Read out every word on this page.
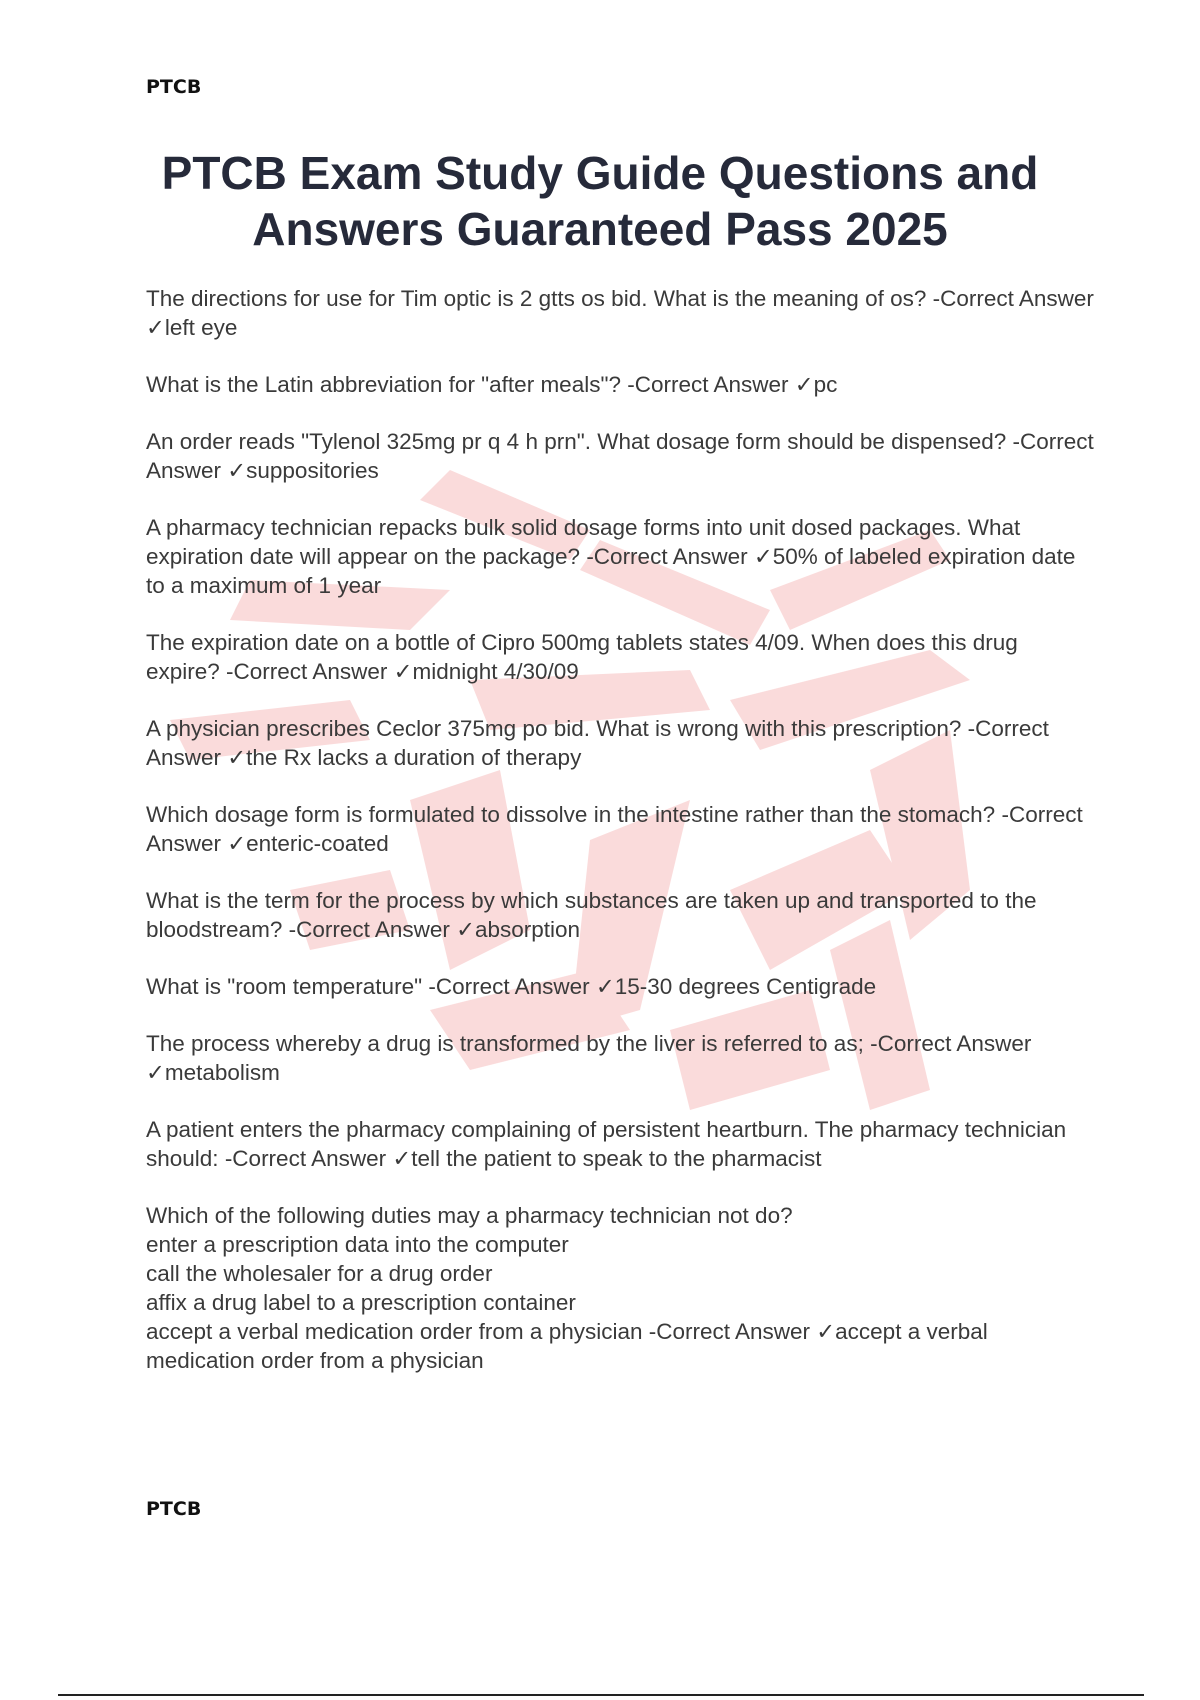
PTCB
PTCB Exam Study Guide Questions and
Answers Guaranteed Pass 2025

The directions for use for Tim optic is 2 gtts os bid. What is the meaning of os? -Correct Answer ✓left eye

What is the Latin abbreviation for "after meals"? -Correct Answer ✓pc

An order reads "Tylenol 325mg pr q 4 h prn". What dosage form should be dispensed? -Correct Answer ✓suppositories

A pharmacy technician repacks bulk solid dosage forms into unit dosed packages. What expiration date will appear on the package? -Correct Answer ✓50% of labeled expiration date to a maximum of 1 year

The expiration date on a bottle of Cipro 500mg tablets states 4/09. When does this drug expire? -Correct Answer ✓midnight 4/30/09

A physician prescribes Ceclor 375mg po bid. What is wrong with this prescription? -Correct Answer ✓the Rx lacks a duration of therapy

Which dosage form is formulated to dissolve in the intestine rather than the stomach? -Correct Answer ✓enteric-coated

What is the term for the process by which substances are taken up and transported to the bloodstream? -Correct Answer ✓absorption

What is "room temperature" -Correct Answer ✓15-30 degrees Centigrade

The process whereby a drug is transformed by the liver is referred to as; -Correct Answer ✓metabolism

A patient enters the pharmacy complaining of persistent heartburn. The pharmacy technician should: -Correct Answer ✓tell the patient to speak to the pharmacist

Which of the following duties may a pharmacy technician not do?
enter a prescription data into the computer
call the wholesaler for a drug order
affix a drug label to a prescription container
accept a verbal medication order from a physician -Correct Answer ✓accept a verbal medication order from a physician

PTCB
